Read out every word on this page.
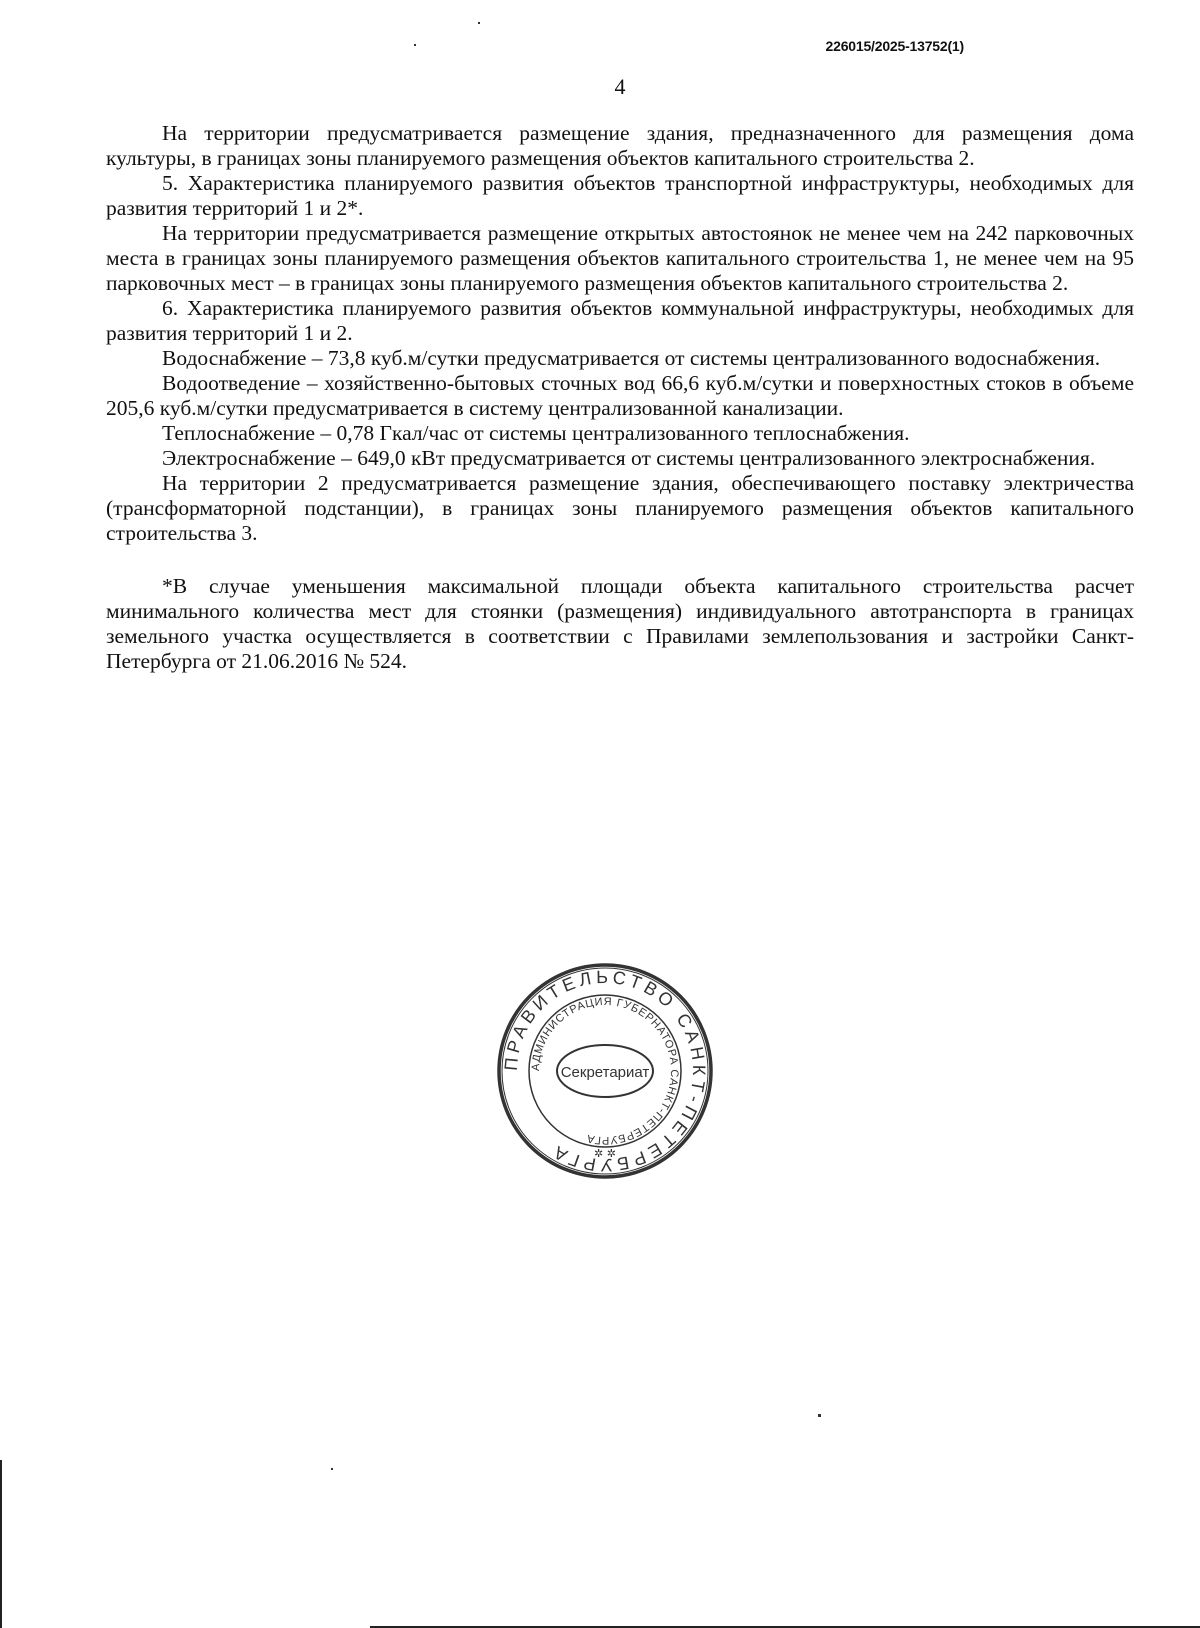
226015/2025-13752(1)
4

На территории предусматривается размещение здания, предназначенного для размещения дома культуры, в границах зоны планируемого размещения объектов капитального строительства 2.

5. Характеристика планируемого развития объектов транспортной инфраструктуры, необходимых для развития территорий 1 и 2*.

На территории предусматривается размещение открытых автостоянок не менее чем на 242 парковочных места в границах зоны планируемого размещения объектов капитального строительства 1, не менее чем на 95 парковочных мест – в границах зоны планируемого размещения объектов капитального строительства 2.

6. Характеристика планируемого развития объектов коммунальной инфраструктуры, необходимых для развития территорий 1 и 2.

Водоснабжение – 73,8 куб.м/сутки предусматривается от системы централизованного водоснабжения.

Водоотведение – хозяйственно-бытовых сточных вод 66,6 куб.м/сутки и поверхностных стоков в объеме 205,6 куб.м/сутки предусматривается в систему централизованной канализации.

Теплоснабжение – 0,78 Гкал/час от системы централизованного теплоснабжения.

Электроснабжение – 649,0 кВт предусматривается от системы централизованного электроснабжения.

На территории 2 предусматривается размещение здания, обеспечивающего поставку электричества (трансформаторной подстанции), в границах зоны планируемого размещения объектов капитального строительства 3.

*В случае уменьшения максимальной площади объекта капитального строительства расчет минимального количества мест для стоянки (размещения) индивидуального автотранспорта в границах земельного участка осуществляется в соответствии с Правилами землепользования и застройки Санкт-Петербурга от 21.06.2016 № 524.

ПРАВИТЕЛЬСТВО САНКТ-ПЕТЕРБУРГА
АДМИНИСТРАЦИЯ ГУБЕРНАТОРА САНКТ-ПЕТЕРБУРГА
Секретариат
✲ ✲
